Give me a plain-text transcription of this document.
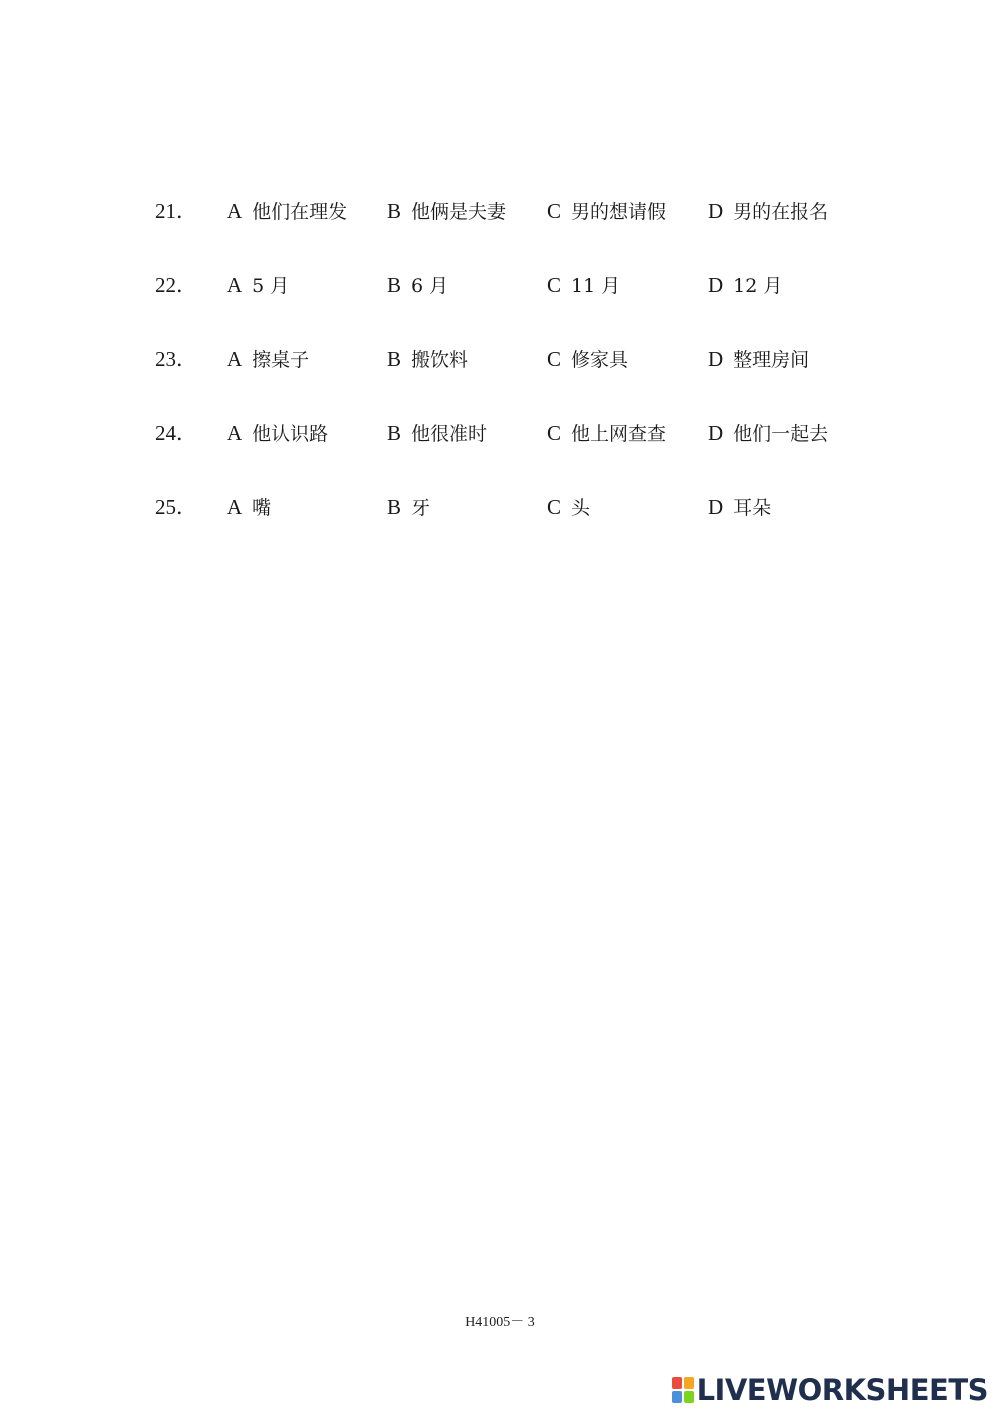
21． A 他们在理发 B 他俩是夫妻 C 男的想请假 D 男的在报名
22． A 5 月	B 6 月	C 11 月	D 12 月
23． A 擦桌子	B 搬饮料	C 修家具	D 整理房间
24． A 他认识路	B 他很准时	C 他上网查查 D 他们一起去
25． A 嘴	B 牙	C 头	D 耳朵
H41005－ 3
LIVEWORKSHEETS
